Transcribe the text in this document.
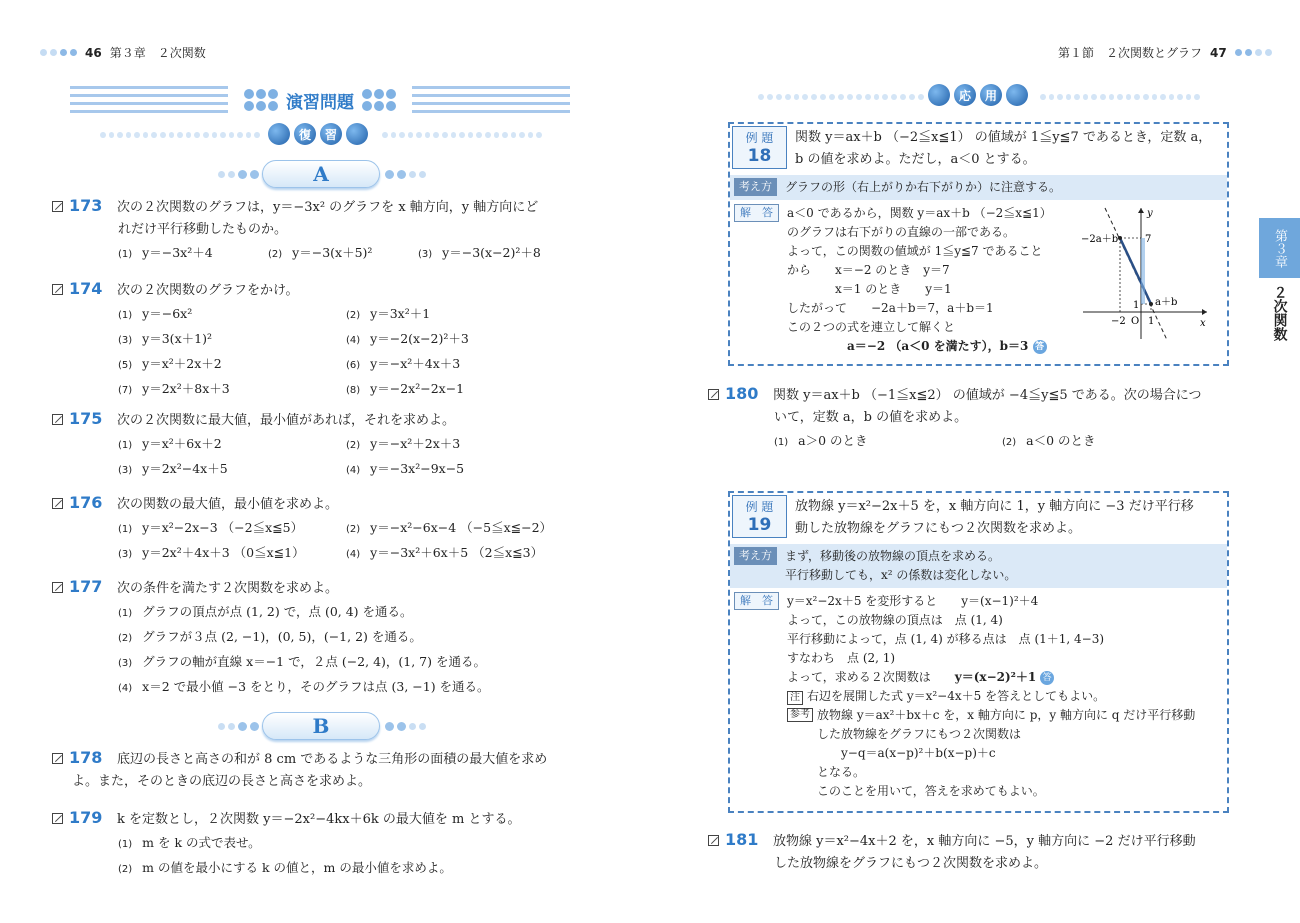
46 第３章　２次関数	第１節　２次関数とグラフ 47
演習問題
復	習
A
173	次の２次関数のグラフは，y＝−3x² のグラフを x 軸方向，y 軸方向にど
れだけ平行移動したものか。
(1) y＝−3x²＋4	(2) y＝−3(x＋5)²	(3) y＝−3(x−2)²＋8
174	次の２次関数のグラフをかけ。
(1) y＝−6x²	(2) y＝3x²＋1
(3) y＝3(x＋1)²	(4) y＝−2(x−2)²＋3
(5) y＝x²＋2x＋2	(6) y＝−x²＋4x＋3
(7) y＝2x²＋8x＋3	(8) y＝−2x²−2x−1
175	次の２次関数に最大値，最小値があれば，それを求めよ。
(1) y＝x²＋6x＋2	(2) y＝−x²＋2x＋3
(3) y＝2x²−4x＋5	(4) y＝−3x²−9x−5
176	次の関数の最大値，最小値を求めよ。
(1) y＝x²−2x−3 （−2≦x≦5）	(2) y＝−x²−6x−4 （−5≦x≦−2）
(3) y＝2x²＋4x＋3 （0≦x≦1）	(4) y＝−3x²＋6x＋5 （2≦x≦3）
177	次の条件を満たす２次関数を求めよ。
(1) グラフの頂点が点 (1, 2) で，点 (0, 4) を通る。
(2) グラフが３点 (2, −1)，(0, 5)，(−1, 2) を通る。
(3) グラフの軸が直線 x＝−1 で，２点 (−2, 4)，(1, 7) を通る。
(4) x＝2 で最小値 −3 をとり，そのグラフは点 (3, −1) を通る。
B
178	底辺の長さと高さの和が 8 cm であるような三角形の面積の最大値を求め
よ。また，そのときの底辺の長さと高さを求めよ。
179	k を定数とし，２次関数 y＝−2x²−4kx＋6k の最大値を m とする。
(1) m を k の式で表せ。
(2) m の値を最小にする k の値と，m の最小値を求めよ。
応	用
例 題
18
関数 y＝ax＋b （−2≦x≦1） の値域が 1≦y≦7 であるとき，定数 a，
b の値を求めよ。ただし，a＜0 とする。
考え方	グラフの形（右上がりか右下がりか）に注意する。
解　答	a＜0 であるから，関数 y＝ax＋b （−2≦x≦1）
のグラフは右下がりの直線の一部である。
よって，この関数の値域が 1≦y≦7 であること
から　　x＝−2 のとき　y＝7
　　　　x＝1 のとき　　y＝1
したがって　　−2a＋b＝7，a＋b＝1
この２つの式を連立して解くと
a＝−2 （a＜0 を満たす），b＝3 答
y
x
O
−2 1
7
1
−2a＋b
a＋b
180	関数 y＝ax＋b （−1≦x≦2） の値域が −4≦y≦5 である。次の場合につ
いて，定数 a，b の値を求めよ。
(1) a＞0 のとき	(2) a＜0 のとき
例 題
19
放物線 y＝x²−2x＋5 を，x 軸方向に 1，y 軸方向に −3 だけ平行移
動した放物線をグラフにもつ２次関数を求めよ。
考え方	まず，移動後の放物線の頂点を求める。
平行移動しても，x² の係数は変化しない。
解　答	y＝x²−2x＋5 を変形すると　　y＝(x−1)²＋4
よって，この放物線の頂点は　点 (1, 4)
平行移動によって，点 (1, 4) が移る点は　点 (1＋1, 4−3)
すなわち　点 (2, 1)
よって，求める２次関数は　　y＝(x−2)²＋1 答
注 右辺を展開した式 y＝x²−4x＋5 を答えとしてもよい。
参考 放物線 y＝ax²＋bx＋c を，x 軸方向に p，y 軸方向に q だけ平行移動
した放物線をグラフにもつ２次関数は
　　y−q＝a(x−p)²＋b(x−p)＋c
となる。
このことを用いて，答えを求めてもよい。
181	放物線 y＝x²−4x＋2 を，x 軸方向に −5，y 軸方向に −2 だけ平行移動
した放物線をグラフにもつ２次関数を求めよ。
第３章
２次関数
